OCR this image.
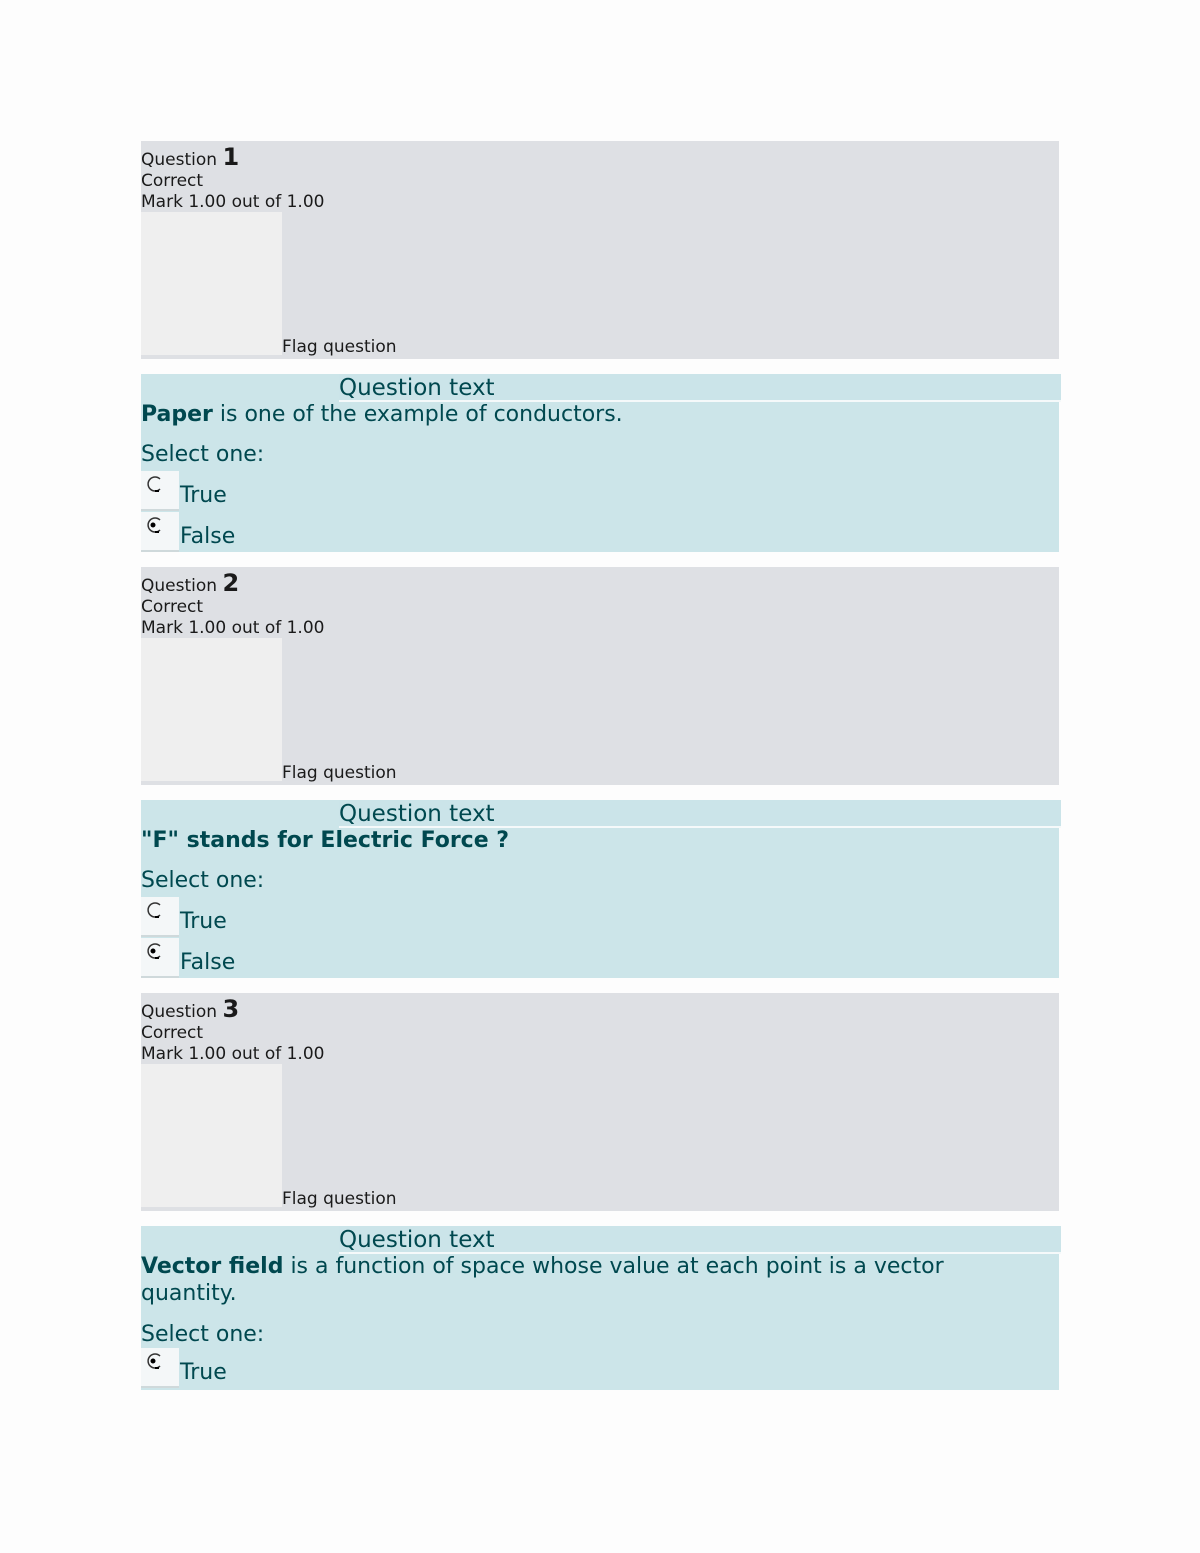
Question 1
Correct
Mark 1.00 out of 1.00
Flag question
Question text
Paper is one of the example of conductors.
Select one:
True
False
Question 2
Correct
Mark 1.00 out of 1.00
Flag question
Question text
"F" stands for Electric Force ?
Select one:
True
False
Question 3
Correct
Mark 1.00 out of 1.00
Flag question
Question text
Vector field is a function of space whose value at each point is a vector quantity.
Select one:
True
